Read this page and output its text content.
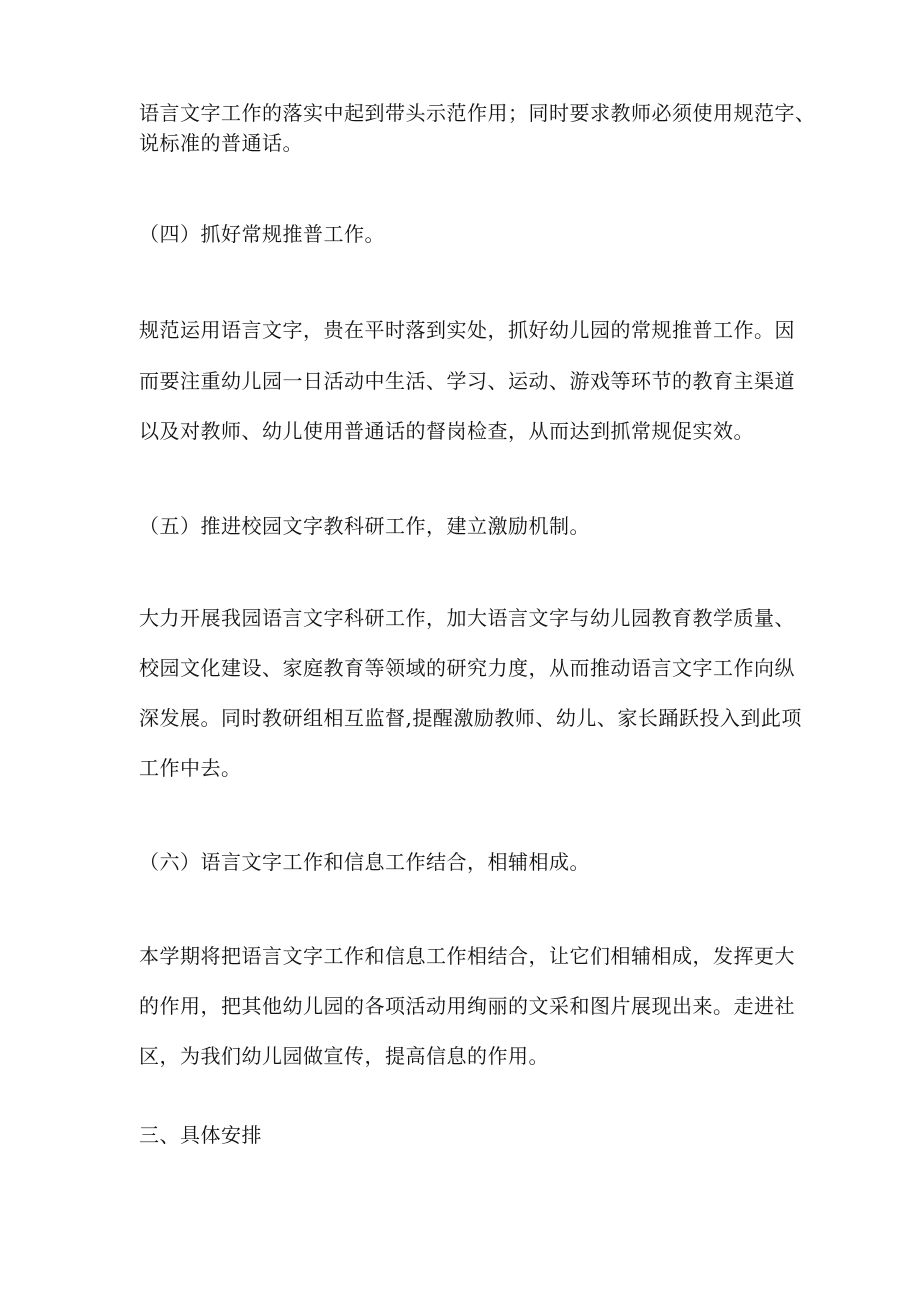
语言文字工作的落实中起到带头示范作用；同时要求教师必须使用规范字、
说标准的普通话。
（四）抓好常规推普工作。
规范运用语言文字，贵在平时落到实处，抓好幼儿园的常规推普工作。因
而要注重幼儿园一日活动中生活、学习、运动、游戏等环节的教育主渠道
以及对教师、幼儿使用普通话的督岗检查，从而达到抓常规促实效。
（五）推进校园文字教科研工作，建立激励机制。
大力开展我园语言文字科研工作，加大语言文字与幼儿园教育教学质量、
校园文化建设、家庭教育等领域的研究力度，从而推动语言文字工作向纵
深发展。同时教研组相互监督,提醒激励教师、幼儿、家长踊跃投入到此项
工作中去。
（六）语言文字工作和信息工作结合，相辅相成。
本学期将把语言文字工作和信息工作相结合，让它们相辅相成，发挥更大
的作用，把其他幼儿园的各项活动用绚丽的文采和图片展现出来。走进社
区，为我们幼儿园做宣传，提高信息的作用。
三、具体安排
